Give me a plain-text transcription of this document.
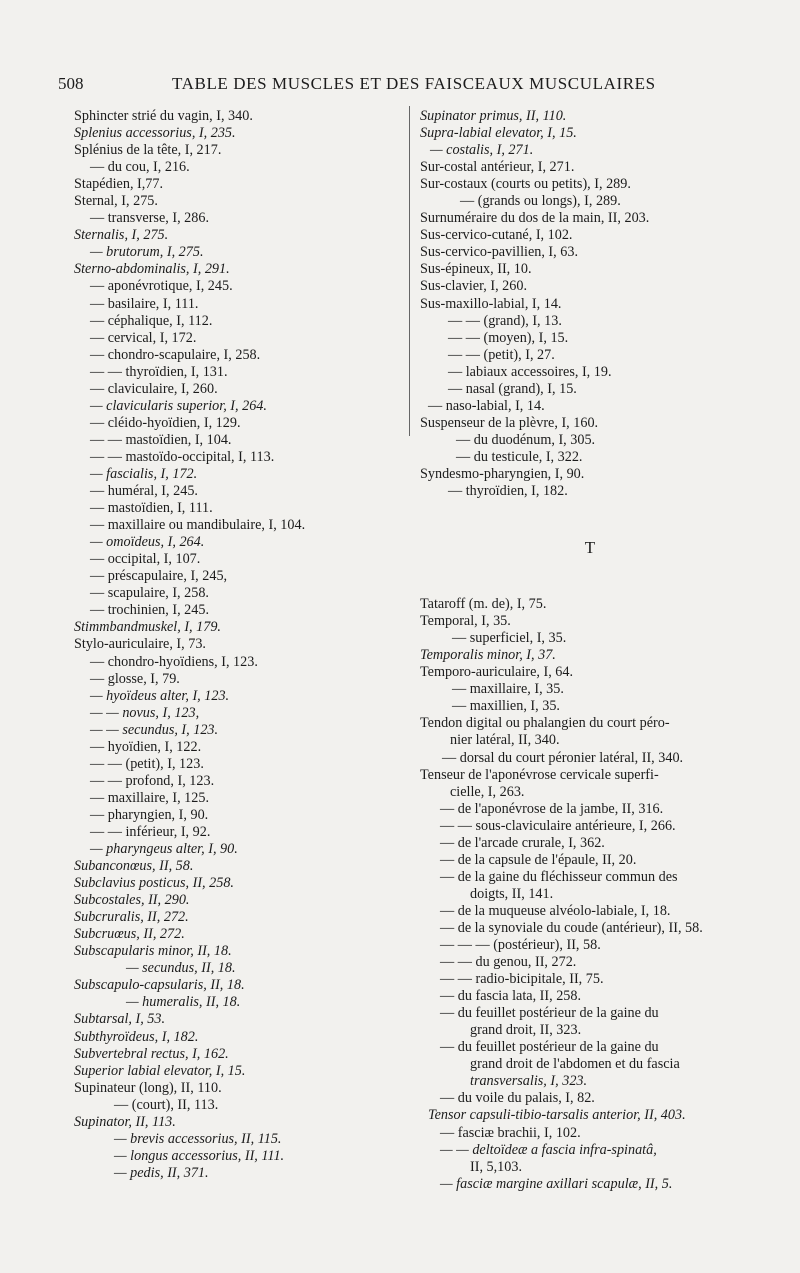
508	TABLE DES MUSCLES ET DES FAISCEAUX MUSCULAIRES
Sphincter strié du vagin, I, 340.
Splenius accessorius, I, 235.
Splénius de la tête, I, 217.
— du cou, I, 216.
Stapédien, I,77.
Sternal, I, 275.
— transverse, I, 286.
Sternalis, I, 275.
— brutorum, I, 275.
Sterno-abdominalis, I, 291.
— aponévrotique, I, 245.
— basilaire, I, 111.
— céphalique, I, 112.
— cervical, I, 172.
— chondro-scapulaire, I, 258.
— — thyroïdien, I, 131.
— claviculaire, I, 260.
— clavicularis superior, I, 264.
— cléido-hyoïdien, I, 129.
— — mastoïdien, I, 104.
— — mastoïdo-occipital, I, 113.
— fascialis, I, 172.
— huméral, I, 245.
— mastoïdien, I, 111.
— maxillaire ou mandibulaire, I, 104.
— omoïdeus, I, 264.
— occipital, I, 107.
— préscapulaire, I, 245,
— scapulaire, I, 258.
— trochinien, I, 245.
Stimmbandmuskel, I, 179.
Stylo-auriculaire, I, 73.
— chondro-hyoïdiens, I, 123.
— glosse, I, 79.
— hyoïdeus alter, I, 123.
— — novus, I, 123,
— — secundus, I, 123.
— hyoïdien, I, 122.
— — (petit), I, 123.
— — profond, I, 123.
— maxillaire, I, 125.
— pharyngien, I, 90.
— — inférieur, I, 92.
— pharyngeus alter, I, 90.
Subanconœus, II, 58.
Subclavius posticus, II, 258.
Subcostales, II, 290.
Subcruralis, II, 272.
Subcruœus, II, 272.
Subscapularis minor, II, 18.
— secundus, II, 18.
Subscapulo-capsularis, II, 18.
— humeralis, II, 18.
Subtarsal, I, 53.
Subthyroïdeus, I, 182.
Subvertebral rectus, I, 162.
Superior labial elevator, I, 15.
Supinateur (long), II, 110.
— (court), II, 113.
Supinator, II, 113.
— brevis accessorius, II, 115.
— longus accessorius, II, 111.
— pedis, II, 371.
Supinator primus, II, 110.
Supra-labial elevator, I, 15.
— costalis, I, 271.
Sur-costal antérieur, I, 271.
Sur-costaux (courts ou petits), I, 289.
— (grands ou longs), I, 289.
Surnuméraire du dos de la main, II, 203.
Sus-cervico-cutané, I, 102.
Sus-cervico-pavillien, I, 63.
Sus-épineux, II, 10.
Sus-clavier, I, 260.
Sus-maxillo-labial, I, 14.
— — (grand), I, 13.
— — (moyen), I, 15.
— — (petit), I, 27.
— labiaux accessoires, I, 19.
— nasal (grand), I, 15.
— naso-labial, I, 14.
Suspenseur de la plèvre, I, 160.
— du duodénum, I, 305.
— du testicule, I, 322.
Syndesmo-pharyngien, I, 90.
— thyroïdien, I, 182.
T
Tataroff (m. de), I, 75.
Temporal, I, 35.
— superficiel, I, 35.
Temporalis minor, I, 37.
Temporo-auriculaire, I, 64.
— maxillaire, I, 35.
— maxillien, I, 35.
Tendon digital ou phalangien du court péro-
nier latéral, II, 340.
— dorsal du court péronier latéral, II, 340.
Tenseur de l'aponévrose cervicale superfi-
cielle, I, 263.
— de l'aponévrose de la jambe, II, 316.
— — sous-claviculaire antérieure, I, 266.
— de l'arcade crurale, I, 362.
— de la capsule de l'épaule, II, 20.
— de la gaine du fléchisseur commun des
doigts, II, 141.
— de la muqueuse alvéolo-labiale, I, 18.
— de la synoviale du coude (antérieur), II, 58.
— — — (postérieur), II, 58.
— — du genou, II, 272.
— — radio-bicipitale, II, 75.
— du fascia lata, II, 258.
— du feuillet postérieur de la gaine du
grand droit, II, 323.
— du feuillet postérieur de la gaine du
grand droit de l'abdomen et du fascia
transversalis, I, 323.
— du voile du palais, I, 82.
Tensor capsuli-tibio-tarsalis anterior, II, 403.
— fasciæ brachii, I, 102.
— — deltoïdeæ a fascia infra-spinatâ,
II, 5,103.
— fasciæ margine axillari scapulæ, II, 5.
